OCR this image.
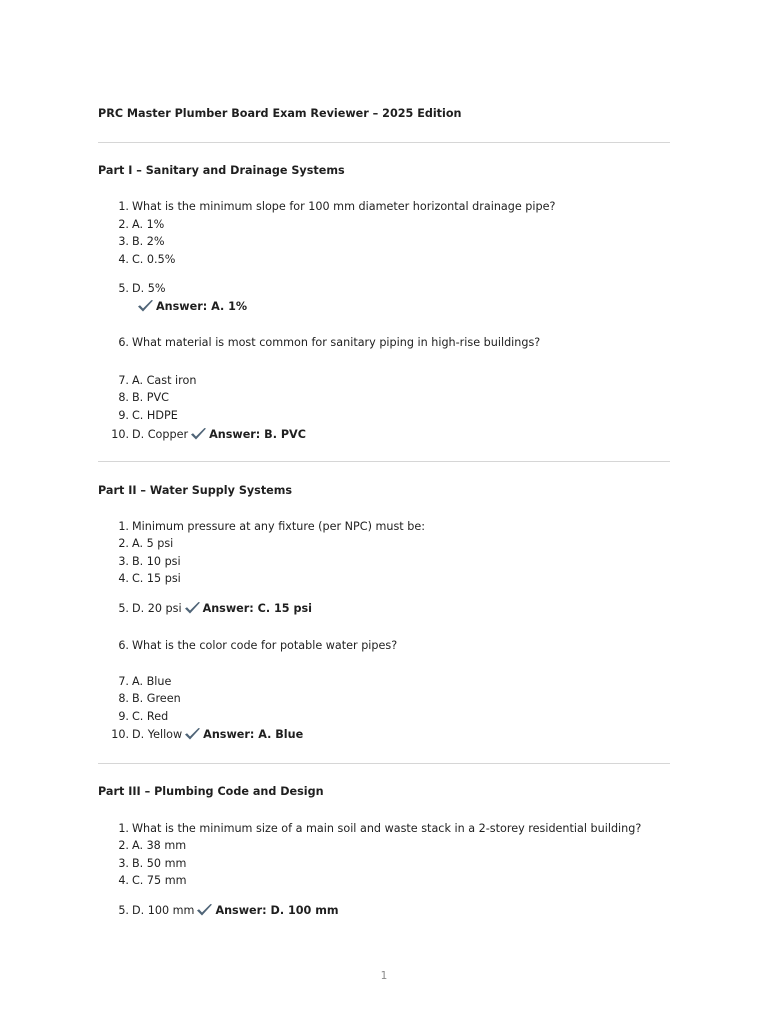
PRC Master Plumber Board Exam Reviewer – 2025 Edition
Part I – Sanitary and Drainage Systems
1. What is the minimum slope for 100 mm diameter horizontal drainage pipe?
2. A. 1%
3. B. 2%
4. C. 0.5%
5. D. 5%
Answer: A. 1%
6. What material is most common for sanitary piping in high-rise buildings?
7. A. Cast iron
8. B. PVC
9. C. HDPE
10. D. Copper Answer: B. PVC
Part II – Water Supply Systems
1. Minimum pressure at any fixture (per NPC) must be:
2. A. 5 psi
3. B. 10 psi
4. C. 15 psi
5. D. 20 psi Answer: C. 15 psi
6. What is the color code for potable water pipes?
7. A. Blue
8. B. Green
9. C. Red
10. D. Yellow Answer: A. Blue
Part III – Plumbing Code and Design
1. What is the minimum size of a main soil and waste stack in a 2-storey residential building?
2. A. 38 mm
3. B. 50 mm
4. C. 75 mm
5. D. 100 mm Answer: D. 100 mm
1
